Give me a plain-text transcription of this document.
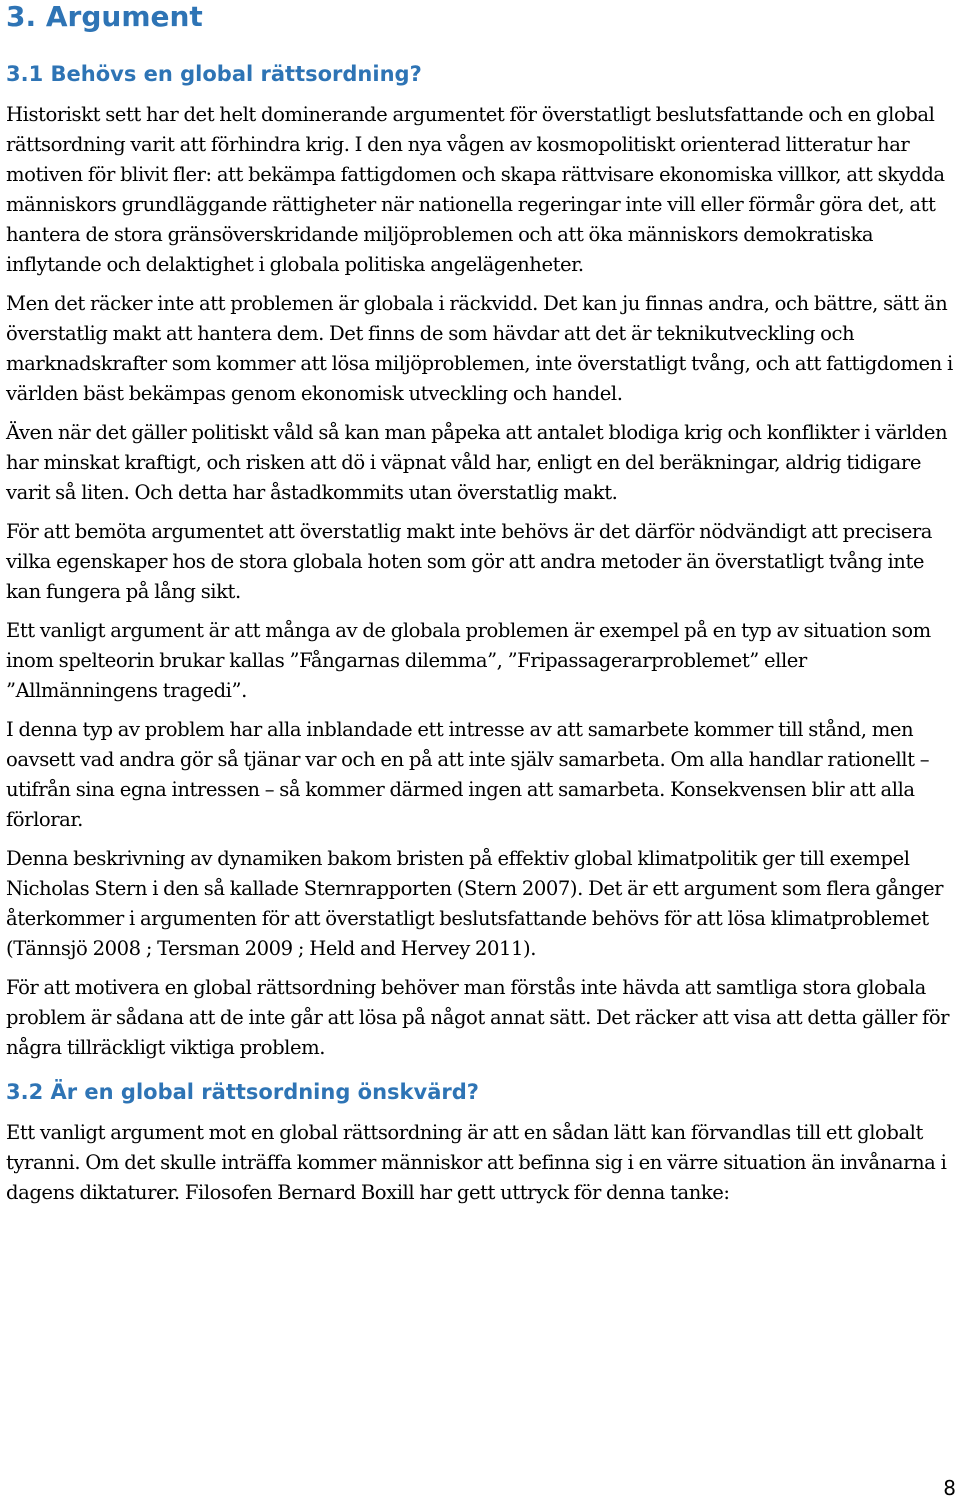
3. Argument
3.1 Behövs en global rättsordning?

Historiskt sett har det helt dominerande argumentet för överstatligt beslutsfattande och en global rättsordning varit att förhindra krig. I den nya vågen av kosmopolitiskt orienterad litteratur har motiven för blivit fler: att bekämpa fattigdomen och skapa rättvisare ekonomiska villkor, att skydda människors grundläggande rättigheter när nationella regeringar inte vill eller förmår göra det, att hantera de stora gränsöverskridande miljöproblemen och att öka människors demokratiska inflytande och delaktighet i globala politiska angelägenheter.

Men det räcker inte att problemen är globala i räckvidd. Det kan ju finnas andra, och bättre, sätt än överstatlig makt att hantera dem. Det finns de som hävdar att det är teknikutveckling och marknadskrafter som kommer att lösa miljöproblemen, inte överstatligt tvång, och att fattigdomen i världen bäst bekämpas genom ekonomisk utveckling och handel.

Även när det gäller politiskt våld så kan man påpeka att antalet blodiga krig och konflikter i världen har minskat kraftigt, och risken att dö i väpnat våld har, enligt en del beräkningar, aldrig tidigare varit så liten. Och detta har åstadkommits utan överstatlig makt.

För att bemöta argumentet att överstatlig makt inte behövs är det därför nödvändigt att precisera vilka egenskaper hos de stora globala hoten som gör att andra metoder än överstatligt tvång inte kan fungera på lång sikt.

Ett vanligt argument är att många av de globala problemen är exempel på en typ av situation som inom spelteorin brukar kallas ”Fångarnas dilemma”, ”Fripassagerarproblemet” eller ”Allmänningens tragedi”.

I denna typ av problem har alla inblandade ett intresse av att samarbete kommer till stånd, men oavsett vad andra gör så tjänar var och en på att inte själv samarbeta. Om alla handlar rationellt – utifrån sina egna intressen – så kommer därmed ingen att samarbeta. Konsekvensen blir att alla förlorar.

Denna beskrivning av dynamiken bakom bristen på effektiv global klimatpolitik ger till exempel Nicholas Stern i den så kallade Sternrapporten (Stern 2007). Det är ett argument som flera gånger återkommer i argumenten för att överstatligt beslutsfattande behövs för att lösa klimatproblemet (Tännsjö 2008 ; Tersman 2009 ; Held and Hervey 2011).

För att motivera en global rättsordning behöver man förstås inte hävda att samtliga stora globala problem är sådana att de inte går att lösa på något annat sätt. Det räcker att visa att detta gäller för några tillräckligt viktiga problem.

3.2 Är en global rättsordning önskvärd?

Ett vanligt argument mot en global rättsordning är att en sådan lätt kan förvandlas till ett globalt tyranni. Om det skulle inträffa kommer människor att befinna sig i en värre situation än invånarna i dagens diktaturer. Filosofen Bernard Boxill har gett uttryck för denna tanke:

8
